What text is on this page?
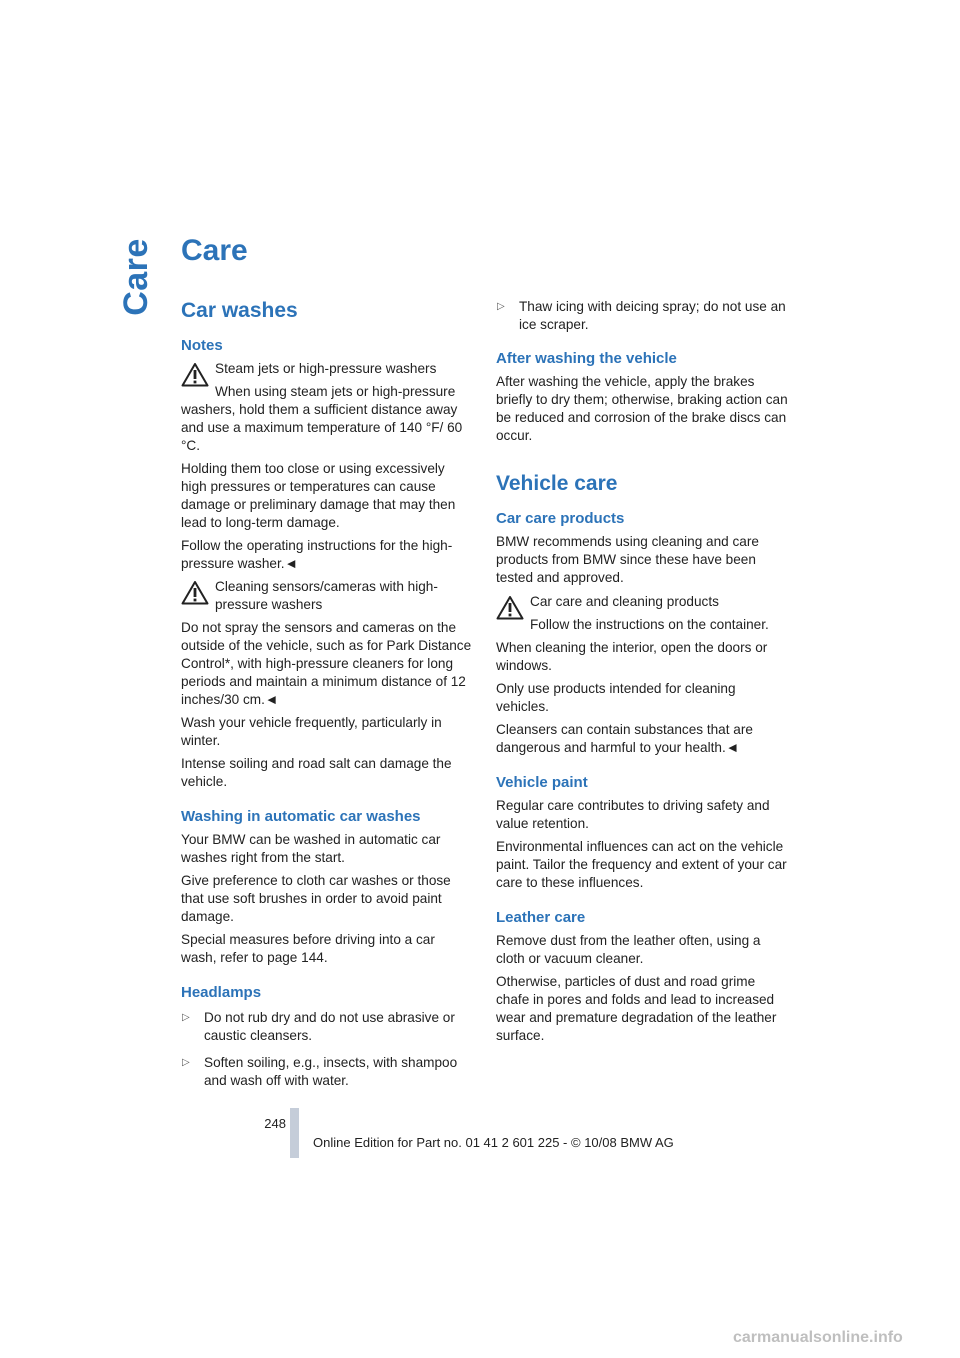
Care Care
Car washes
Notes

Steam jets or high-pressure washers

When using steam jets or high-pressure washers, hold them a sufficient distance away and use a maximum temperature of 140 °F/ 60 °C.

Holding them too close or using excessively high pressures or temperatures can cause damage or preliminary damage that may then lead to long-term damage.

Follow the operating instructions for the high-pressure washer.◄

Cleaning sensors/cameras with high-pressure washers

Do not spray the sensors and cameras on the outside of the vehicle, such as for Park Distance Control*, with high-pressure cleaners for long periods and maintain a minimum distance of 12 inches/30 cm.◄

Wash your vehicle frequently, particularly in winter.

Intense soiling and road salt can damage the vehicle.

Washing in automatic car washes

Your BMW can be washed in automatic car washes right from the start.

Give preference to cloth car washes or those that use soft brushes in order to avoid paint damage.

Special measures before driving into a car wash, refer to page 144.

Headlamps
▷ Do not rub dry and do not use abrasive or caustic cleansers.

▷ Soften soiling, e.g., insects, with shampoo and wash off with water.

▷ Thaw icing with deicing spray; do not use an ice scraper.

After washing the vehicle

After washing the vehicle, apply the brakes briefly to dry them; otherwise, braking action can be reduced and corrosion of the brake discs can occur.

Vehicle care
Car care products

BMW recommends using cleaning and care products from BMW since these have been tested and approved.

Car care and cleaning products

Follow the instructions on the container.

When cleaning the interior, open the doors or windows.

Only use products intended for cleaning vehicles.

Cleansers can contain substances that are dangerous and harmful to your health.◄

Vehicle paint

Regular care contributes to driving safety and value retention.

Environmental influences can act on the vehicle paint. Tailor the frequency and extent of your car care to these influences.

Leather care

Remove dust from the leather often, using a cloth or vacuum cleaner.

Otherwise, particles of dust and road grime chafe in pores and folds and lead to increased wear and premature degradation of the leather surface.

248
Online Edition for Part no. 01 41 2 601 225 - © 10/08 BMW AG
carmanualsonline.info
